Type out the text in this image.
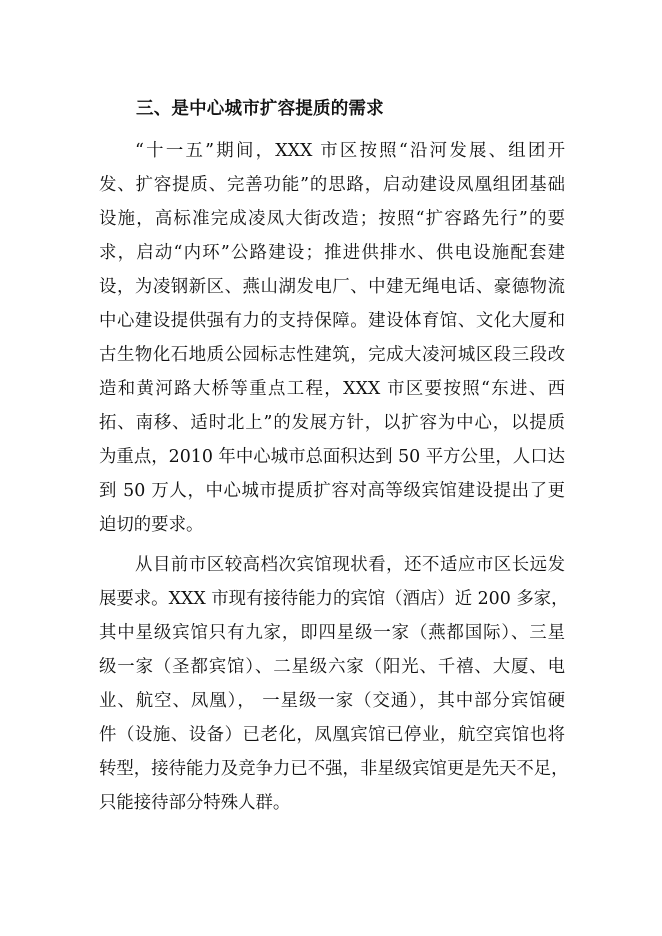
三、是中心城市扩容提质的需求
“十一五”期间，XXX 市区按照“沿河发展、组团开
发、扩容提质、完善功能”的思路，启动建设凤凰组团基础
设施，高标准完成凌凤大街改造；按照“扩容路先行”的要
求，启动“内环”公路建设；推进供排水、供电设施配套建
设，为凌钢新区、燕山湖发电厂、中建无绳电话、豪德物流
中心建设提供强有力的支持保障。建设体育馆、文化大厦和
古生物化石地质公园标志性建筑，完成大凌河城区段三段改
造和黄河路大桥等重点工程，XXX 市区要按照“东进、西
拓、南移、适时北上”的发展方针，以扩容为中心，以提质
为重点，2010 年中心城市总面积达到 50 平方公里，人口达
到 50 万人，中心城市提质扩容对高等级宾馆建设提出了更
迫切的要求。
从目前市区较高档次宾馆现状看，还不适应市区长远发
展要求。XXX 市现有接待能力的宾馆（酒店）近 200 多家，
其中星级宾馆只有九家，即四星级一家（燕都国际）、三星
级一家（圣都宾馆）、二星级六家（阳光、千禧、大厦、电
业、航空、凤凰）， 一星级一家（交通），其中部分宾馆硬
件（设施、设备）已老化，凤凰宾馆已停业，航空宾馆也将
转型，接待能力及竞争力已不强，非星级宾馆更是先天不足，
只能接待部分特殊人群。
